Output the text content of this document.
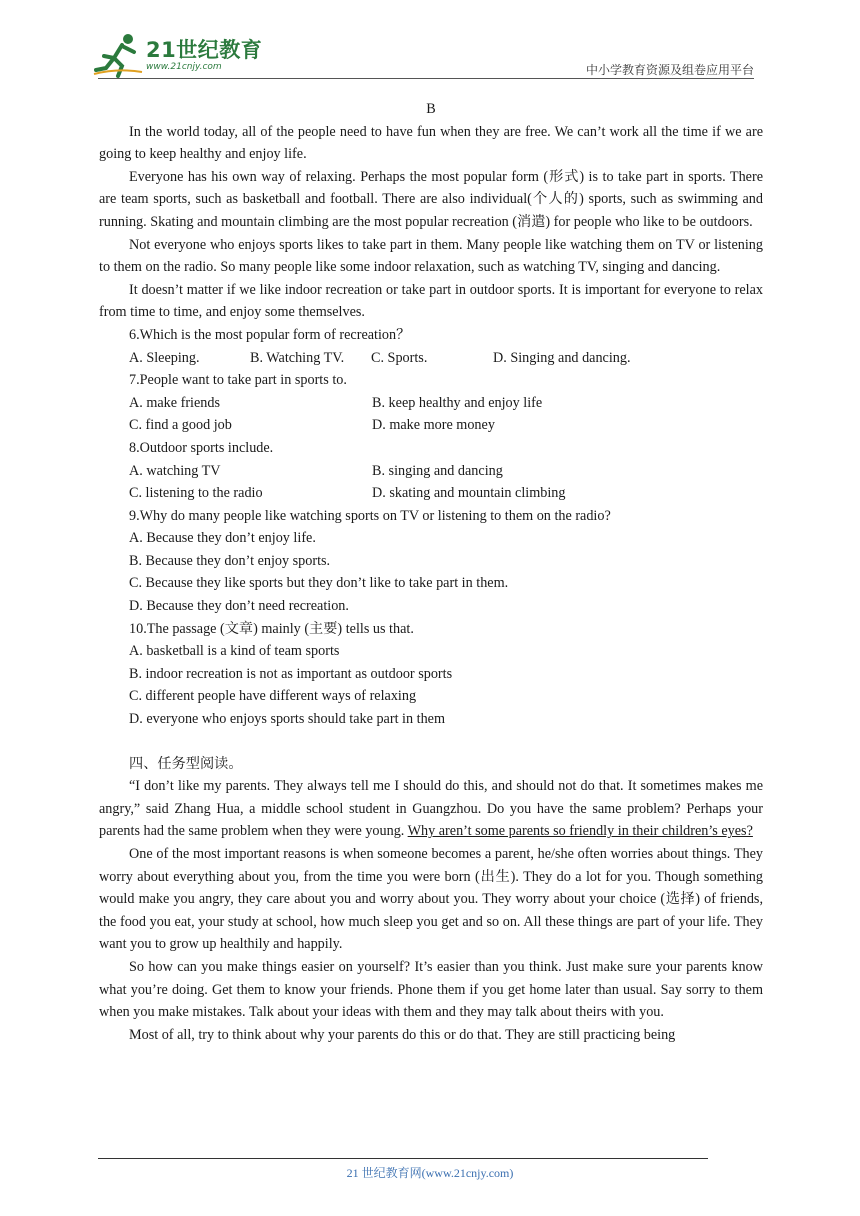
21世纪教育
www.21cnjy.com	中小学教育资源及组卷应用平台

B

In the world today, all of the people need to have fun when they are free. We can’t work all the time if we are going to keep healthy and enjoy life.

Everyone has his own way of relaxing. Perhaps the most popular form (形式) is to take part in sports. There are team sports, such as basketball and football. There are also individual(个人的) sports, such as swimming and running. Skating and mountain climbing are the most popular recreation (消遣) for people who like to be outdoors.

Not everyone who enjoys sports likes to take part in them. Many people like watching them on TV or listening to them on the radio. So many people like some indoor relaxation, such as watching TV, singing and dancing.

It doesn’t matter if we like indoor recreation or take part in outdoor sports. It is important for everyone to relax from time to time, and enjoy some themselves.

6.Which is the most popular form of recreation？

A. Sleeping.	B. Watching TV.	C. Sports.	D. Singing and dancing.

7.People want to take part in sports to.

A. make friends	B. keep healthy and enjoy life
C. find a good job	D. make more money

8.Outdoor sports include.

A. watching TV	B. singing and dancing
C. listening to the radio	D. skating and mountain climbing

9.Why do many people like watching sports on TV or listening to them on the radio?

A. Because they don’t enjoy life.

B. Because they don’t enjoy sports.

C. Because they like sports but they don’t like to take part in them.

D. Because they don’t need recreation.

10.The passage (文章) mainly (主要) tells us that.

A. basketball is a kind of team sports

B. indoor recreation is not as important as outdoor sports

C. different people have different ways of relaxing

D. everyone who enjoys sports should take part in them

四、任务型阅读。

“I don’t like my parents. They always tell me I should do this, and should not do that. It sometimes makes me angry,” said Zhang Hua, a middle school student in Guangzhou. Do you have the same problem? Perhaps your parents had the same problem when they were young. Why aren’t some parents so friendly in their children’s eyes?

One of the most important reasons is when someone becomes a parent, he/she often worries about things. They worry about everything about you, from the time you were born (出生). They do a lot for you. Though something would make you angry, they care about you and worry about you. They worry about your choice (选择) of friends, the food you eat, your study at school, how much sleep you get and so on. All these things are part of your life. They want you to grow up healthily and happily.

So how can you make things easier on yourself? It’s easier than you think. Just make sure your parents know what you’re doing. Get them to know your friends. Phone them if you get home later than usual. Say sorry to them when you make mistakes. Talk about your ideas with them and they may talk about theirs with you.

Most of all, try to think about why your parents do this or do that. They are still practicing being

21 世纪教育网(www.21cnjy.com)
